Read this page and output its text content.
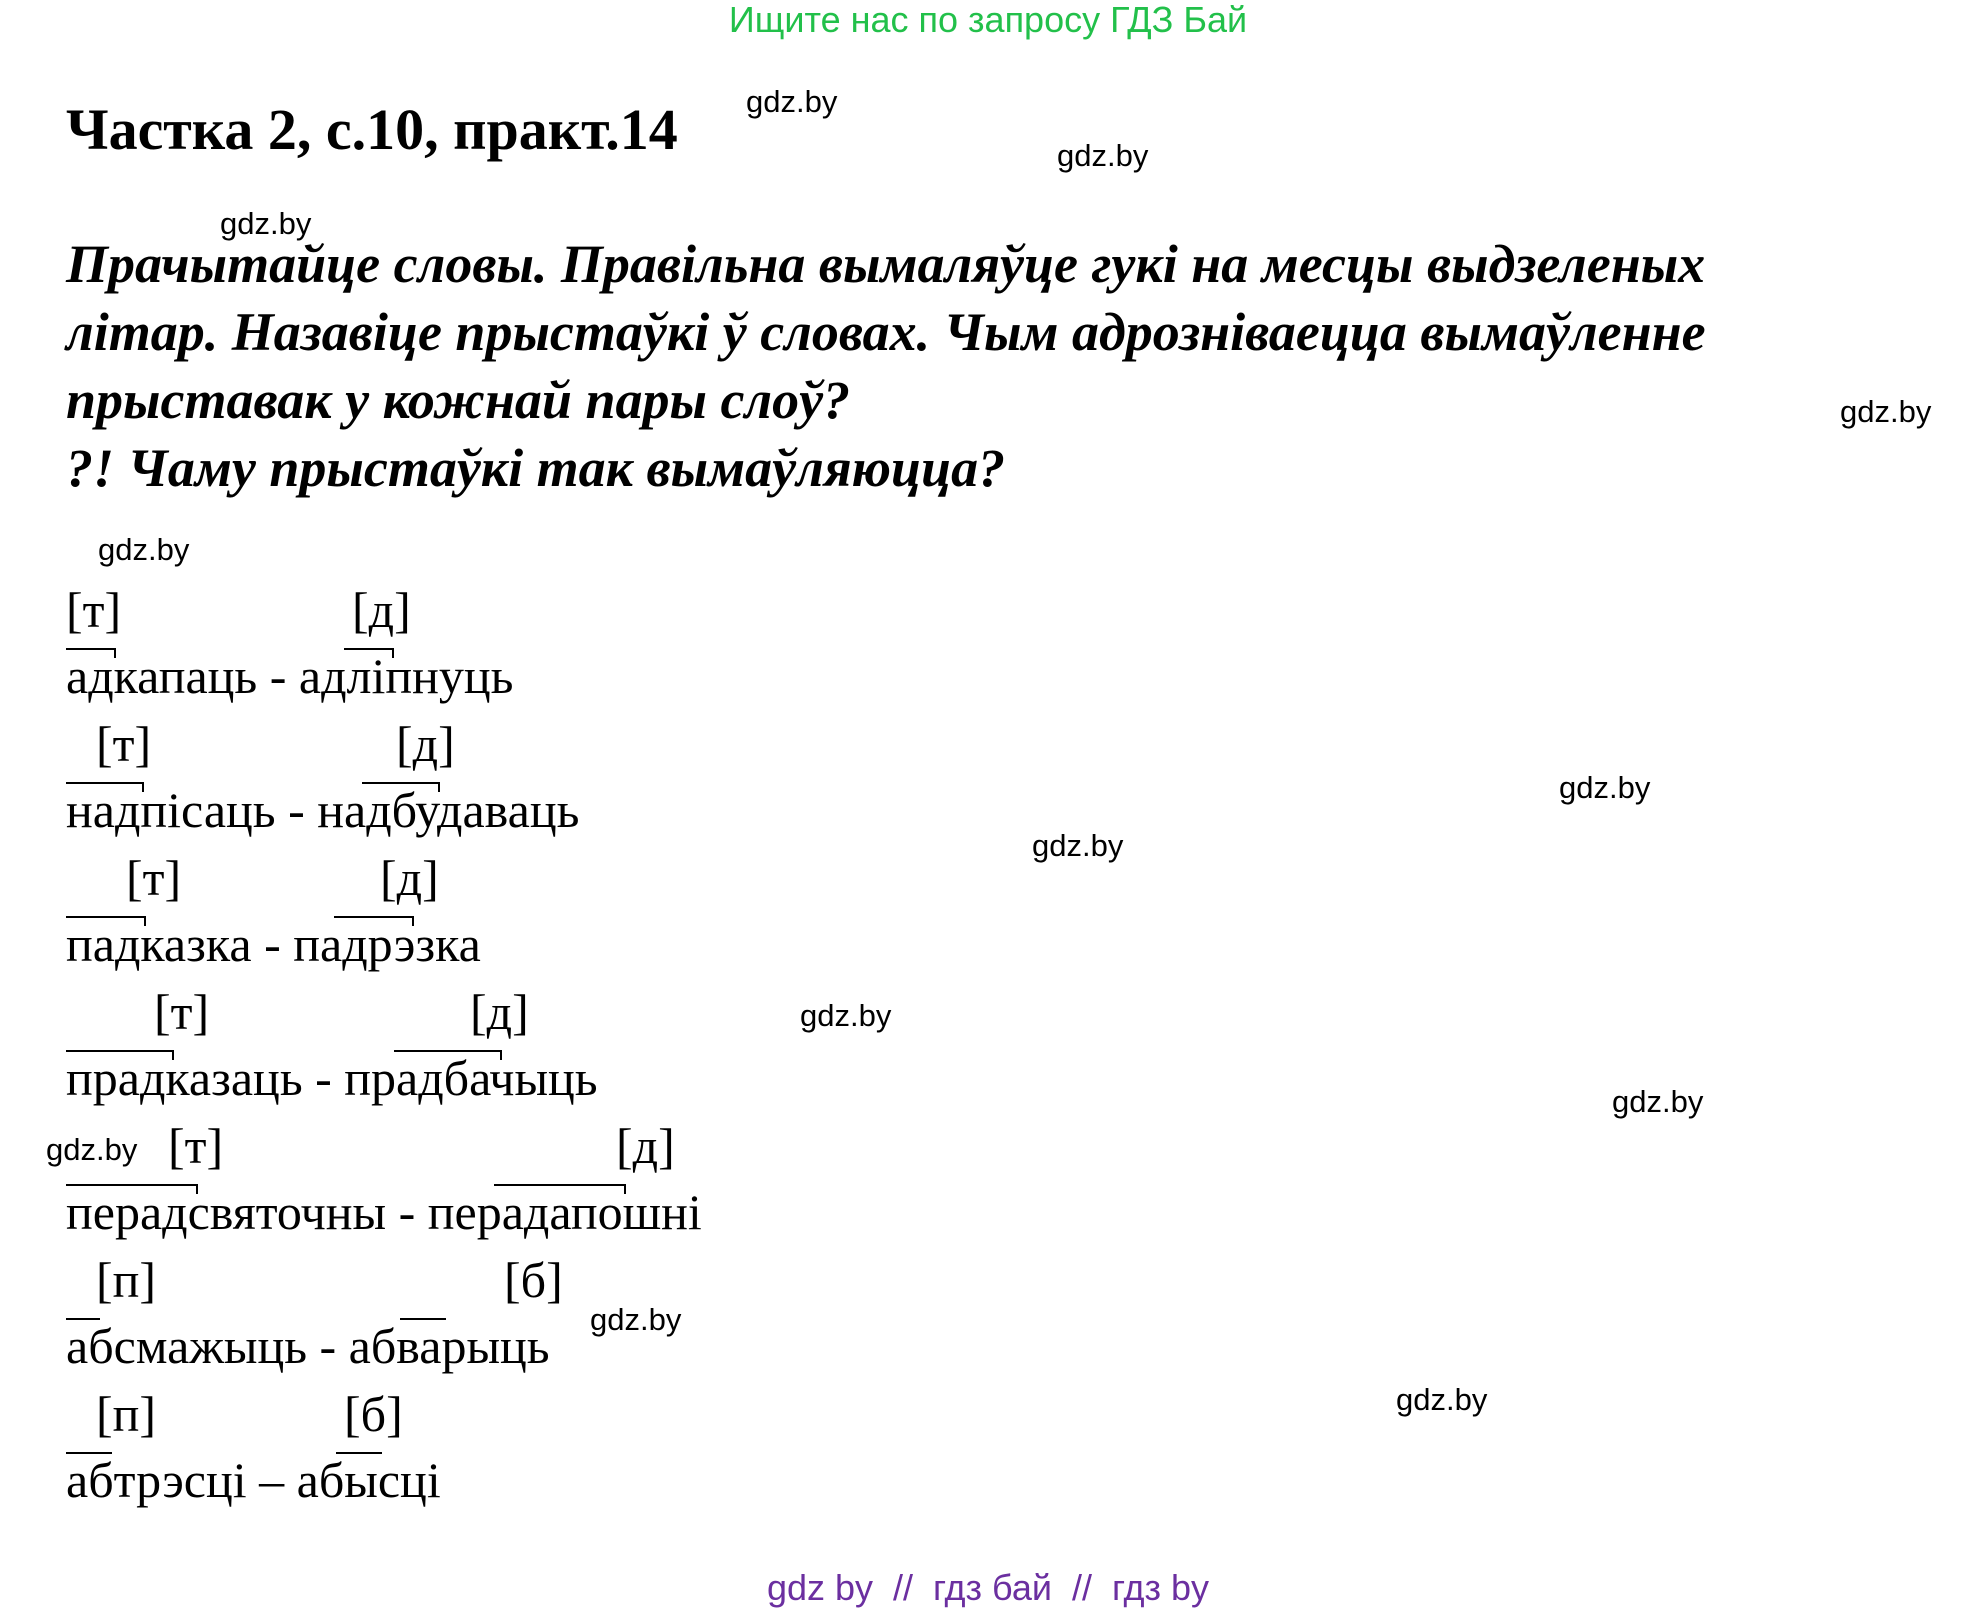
Ищите нас по запросу ГДЗ Бай
Частка 2, с.10, практ.14
Прачытайце словы. Правільна вымаляўце гукі на месцы выдзеленых
літар. Назавіце прыстаўкі ў словах. Чым адрозніваецца вымаўленне
прыставак у кожнай пары слоў?
?! Чаму прыстаўкі так вымаўляюцца?
gdz.by
gdz.by
gdz.by
gdz.by
gdz.by
gdz.by
gdz.by
gdz.by
gdz.by
gdz.by
gdz.by
gdz.by
[т]	[д]
адкапаць - адліпнуць
[т]	[д]
надпісаць - надбудаваць
[т]	[д]
падказка - падрэзка
[т]	[д]
прадказаць - прадбачыць
[т]	[д]
перадсвяточны - перадапошні
[п]	[б]
абсмажыць - абварыць
[п]	[б]
абтрэсці – абысці
gdz by  //  гдз бай  //  гдз by
